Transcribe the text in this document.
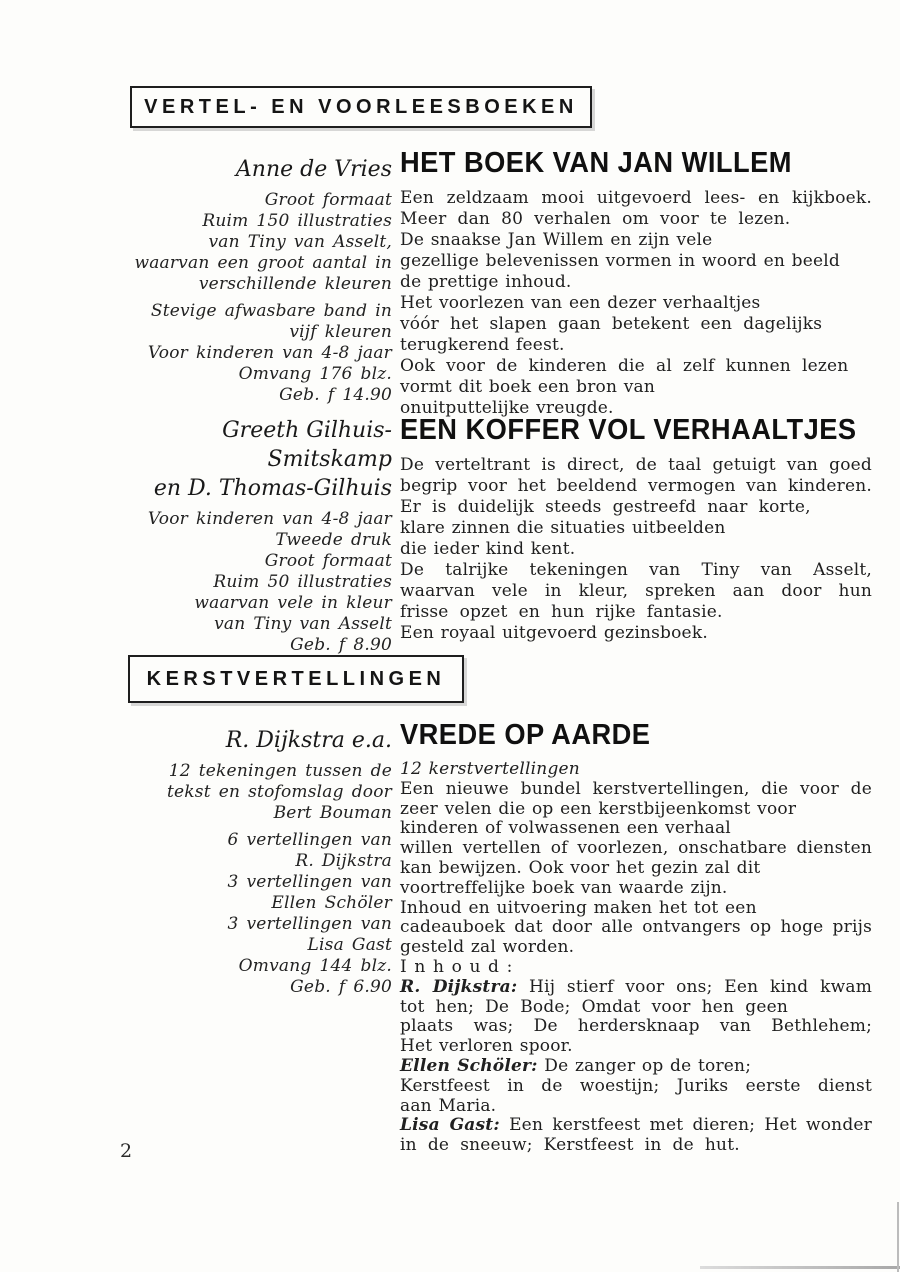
VERTEL- EN VOORLEESBOEKEN
Anne de Vries
Groot formaat
Ruim 150 illustraties
van Tiny van Asselt,
waarvan een groot aantal in
verschillende kleuren
Stevige afwasbare band in
vijf kleuren
Voor kinderen van 4-8 jaar
Omvang 176 blz.
Geb. f 14.90
HET BOEK VAN JAN WILLEM
Een zeldzaam mooi uitgevoerd lees- en kijkboek.
Meer dan 80 verhalen om voor te lezen.
De snaakse Jan Willem en zijn vele
gezellige belevenissen vormen in woord en beeld
de prettige inhoud.
Het voorlezen van een dezer verhaaltjes
vóór het slapen gaan betekent een dagelijks
terugkerend feest.
Ook voor de kinderen die al zelf kunnen lezen
vormt dit boek een bron van
onuitputtelijke vreugde.
Greeth Gilhuis-
Smitskamp
en D. Thomas-Gilhuis
Voor kinderen van 4-8 jaar
Tweede druk
Groot formaat
Ruim 50 illustraties
waarvan vele in kleur
van Tiny van Asselt
Geb. f 8.90
EEN KOFFER VOL VERHAALTJES
De verteltrant is direct, de taal getuigt van goed
begrip voor het beeldend vermogen van kinderen.
Er is duidelijk steeds gestreefd naar korte,
klare zinnen die situaties uitbeelden
die ieder kind kent.
De talrijke tekeningen van Tiny van Asselt,
waarvan vele in kleur, spreken aan door hun
frisse opzet en hun rijke fantasie.
Een royaal uitgevoerd gezinsboek.
KERSTVERTELLINGEN
R. Dijkstra e.a.
12 tekeningen tussen de
tekst en stofomslag door
Bert Bouman
6 vertellingen van
R. Dijkstra
3 vertellingen van
Ellen Schöler
3 vertellingen van
Lisa Gast
Omvang 144 blz.
Geb. f 6.90
VREDE OP AARDE
12 kerstvertellingen
Een nieuwe bundel kerstvertellingen, die voor de
zeer velen die op een kerstbijeenkomst voor
kinderen of volwassenen een verhaal
willen vertellen of voorlezen, onschatbare diensten
kan bewijzen. Ook voor het gezin zal dit
voortreffelijke boek van waarde zijn.
Inhoud en uitvoering maken het tot een
cadeauboek dat door alle ontvangers op hoge prijs
gesteld zal worden.
Inhoud:
R. Dijkstra: Hij stierf voor ons; Een kind kwam
tot hen; De Bode; Omdat voor hen geen
plaats was; De herdersknaap van Bethlehem;
Het verloren spoor.
Ellen Schöler: De zanger op de toren;
Kerstfeest in de woestijn; Juriks eerste dienst
aan Maria.
Lisa Gast: Een kerstfeest met dieren; Het wonder
in de sneeuw; Kerstfeest in de hut.
2
